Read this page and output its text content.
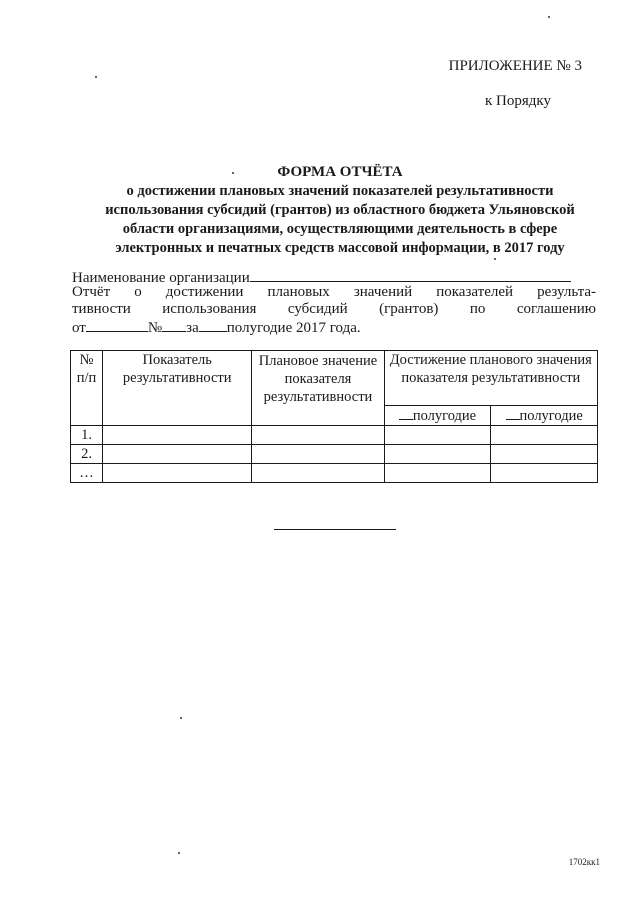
ПРИЛОЖЕНИЕ № 3
к Порядку
ФОРМА ОТЧЁТА
о достижении плановых значений показателей результативности
использования субсидий (грантов) из областного бюджета Ульяновской
области организациями, осуществляющими деятельность в сфере
электронных и печатных средств массовой информации, в 2017 году
Наименование организации
Отчёт о достижении плановых значений показателей результа-
тивности использования субсидий (грантов) по соглашению
от	№ за полугодие 2017 года.
№ п/п	Показатель результативности	Плановое значение показателя результативности	Достижение планового значения показателя результативности	
			полугодие	полугодие
1.				
2.				
…				
1702кк1
